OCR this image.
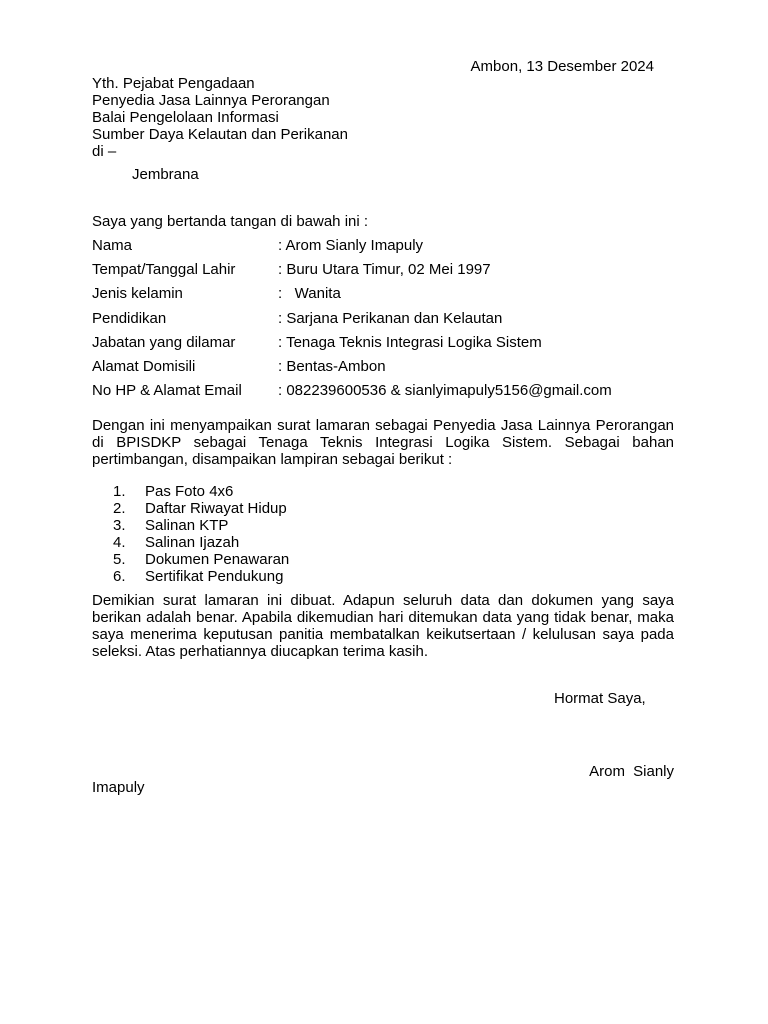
Ambon, 13 Desember 2024
Yth. Pejabat Pengadaan
Penyedia Jasa Lainnya Perorangan
Balai Pengelolaan Informasi
Sumber Daya Kelautan dan Perikanan
di –
Jembrana
Saya yang bertanda tangan di bawah ini :
Nama	: Arom Sianly Imapuly
Tempat/Tanggal Lahir	: Buru Utara Timur, 02 Mei 1997
Jenis kelamin	:   Wanita
Pendidikan	: Sarjana Perikanan dan Kelautan
Jabatan yang dilamar	: Tenaga Teknis Integrasi Logika Sistem
Alamat Domisili	: Bentas-Ambon
No HP & Alamat Email	: 082239600536 & sianlyimapuly5156@gmail.com
Dengan ini menyampaikan surat lamaran sebagai Penyedia Jasa Lainnya Perorangan di BPISDKP sebagai Tenaga Teknis Integrasi Logika Sistem. Sebagai bahan pertimbangan, disampaikan lampiran sebagai berikut :
1.	Pas Foto 4x6
2.	Daftar Riwayat Hidup
3.	Salinan KTP
4.	Salinan Ijazah
5.	Dokumen Penawaran
6.	Sertifikat Pendukung
Demikian surat lamaran ini dibuat. Adapun seluruh data dan dokumen yang saya berikan adalah benar. Apabila dikemudian hari ditemukan data yang tidak benar, maka saya menerima keputusan panitia membatalkan keikutsertaan / kelulusan saya pada seleksi. Atas perhatiannya diucapkan terima kasih.
Hormat Saya,
Arom Sianly
Imapuly
